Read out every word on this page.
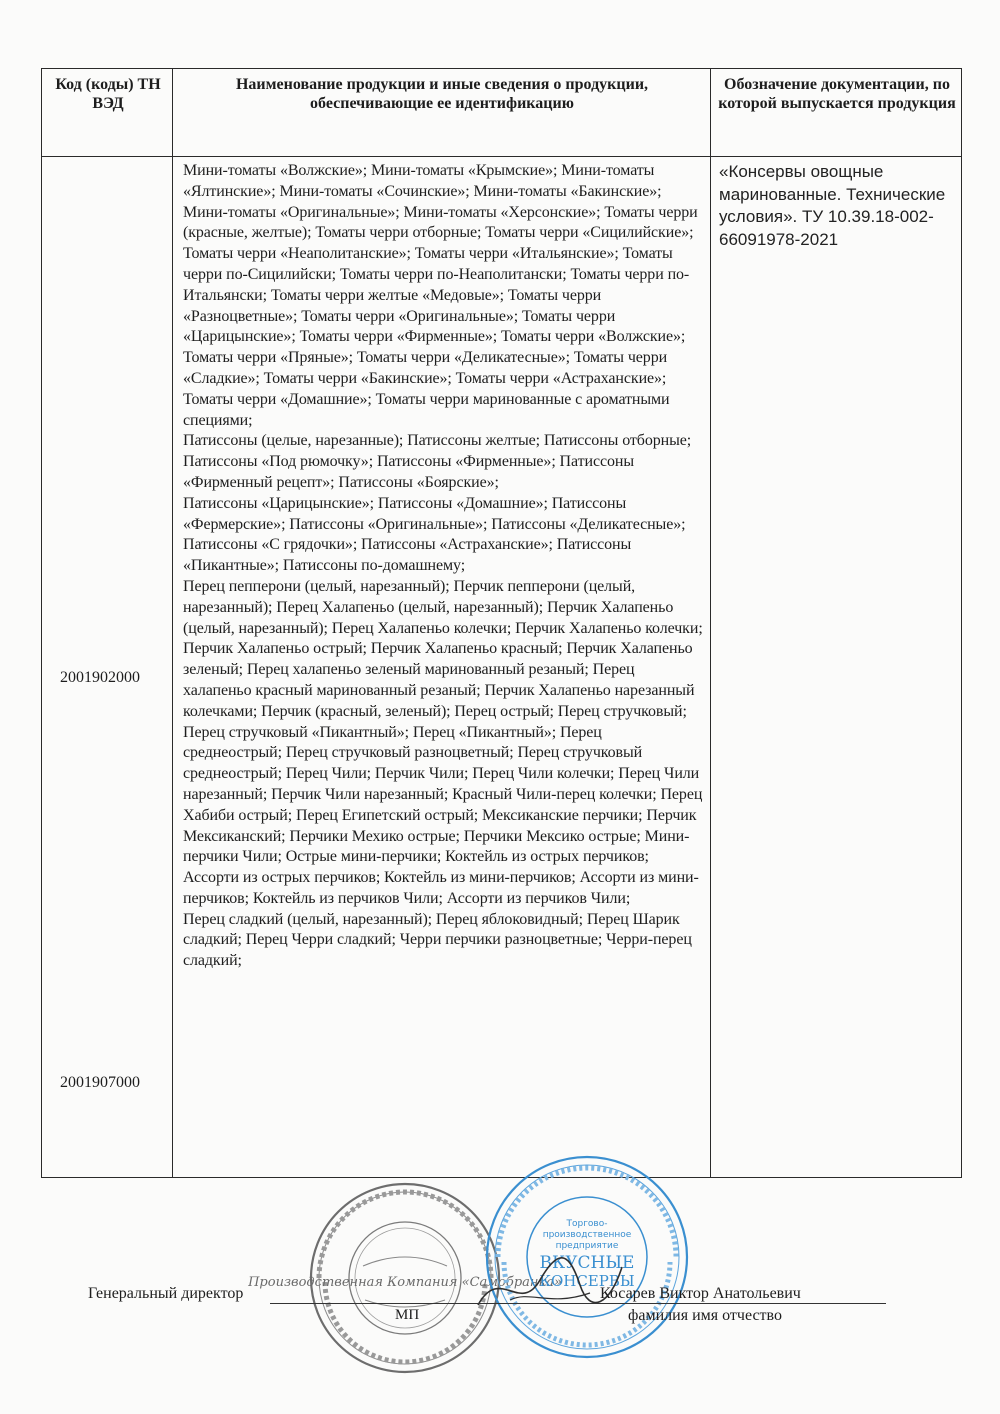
Код (коды) ТН ВЭД
Наименование продукции и иные сведения о продукции, обеспечивающие ее идентификацию
Обозначение документации, по которой выпускается продукция

Мини-томаты «Волжские»; Мини-томаты «Крымские»; Мини-томаты «Ялтинские»; Мини-томаты «Сочинские»; Мини-томаты «Бакинские»; Мини-томаты «Оригинальные»; Мини-томаты «Херсонские»; Томаты черри (красные, желтые); Томаты черри отборные; Томаты черри «Сицилийские»; Томаты черри «Неаполитанские»; Томаты черри «Итальянские»; Томаты черри по-Сицилийски; Томаты черри по-Неаполитански; Томаты черри по-Итальянски; Томаты черри желтые «Медовые»; Томаты черри «Разноцветные»; Томаты черри «Оригинальные»; Томаты черри «Царицынские»; Томаты черри «Фирменные»; Томаты черри «Волжские»; Томаты черри «Пряные»; Томаты черри «Деликатесные»; Томаты черри «Сладкие»; Томаты черри «Бакинские»; Томаты черри «Астраханские»; Томаты черри «Домашние»; Томаты черри маринованные с ароматными специями;

Патиссоны (целые, нарезанные); Патиссоны желтые; Патиссоны отборные; Патиссоны «Под рюмочку»; Патиссоны «Фирменные»; Патиссоны «Фирменный рецепт»; Патиссоны «Боярские»;

Патиссоны «Царицынские»; Патиссоны «Домашние»; Патиссоны «Фермерские»; Патиссоны «Оригинальные»; Патиссоны «Деликатесные»; Патиссоны «С грядочки»; Патиссоны «Астраханские»; Патиссоны «Пикантные»; Патиссоны по-домашнему;

Перец пепперони (целый, нарезанный); Перчик пепперони (целый, нарезанный); Перец Халапеньо (целый, нарезанный); Перчик Халапеньо (целый, нарезанный); Перец Халапеньо колечки; Перчик Халапеньо колечки; Перчик Халапеньо острый; Перчик Халапеньо красный; Перчик Халапеньо зеленый; Перец халапеньо зеленый маринованный резаный; Перец халапеньо красный маринованный резаный; Перчик Халапеньо нарезанный колечками; Перчик (красный, зеленый); Перец острый; Перец стручковый; Перец стручковый «Пикантный»; Перец «Пикантный»; Перец среднеострый; Перец стручковый разноцветный; Перец стручковый среднеострый; Перец Чили; Перчик Чили; Перец Чили колечки; Перец Чили нарезанный; Перчик Чили нарезанный; Красный Чили-перец колечки; Перец Хабиби острый; Перец Египетский острый; Мексиканские перчики; Перчик Мексиканский; Перчики Мехико острые; Перчики Мексико острые; Мини-перчики Чили; Острые мини-перчики; Коктейль из острых перчиков; Ассорти из острых перчиков; Коктейль из мини-перчиков; Ассорти из мини-перчиков; Коктейль из перчиков Чили; Ассорти из перчиков Чили;

Перец сладкий (целый, нарезанный); Перец яблоковидный; Перец Шарик сладкий; Перец Черри сладкий; Черри перчики разноцветные; Черри-перец сладкий;

2001902000
2001907000
«Консервы овощные маринованные. Технические условия». ТУ 10.39.18-002-66091978-2021
Производственная Компания «Самобранка»
Торгово-
производственное
предприятие
ВКУСНЫЕ
КОНСЕРВЫ
Генеральный директор
МП
Косарев Виктор Анатольевич
фамилия имя отчество
